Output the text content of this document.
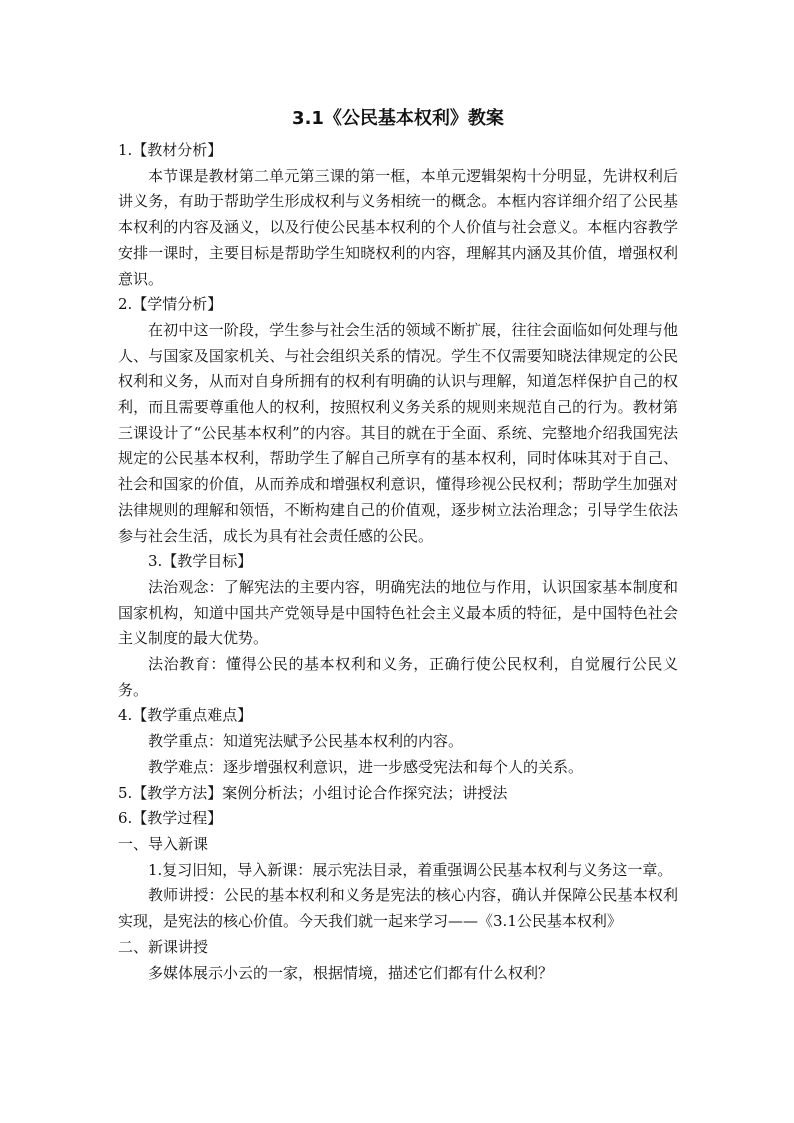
3.1《公民基本权利》教案

1.【教材分析】

本节课是教材第二单元第三课的第一框，本单元逻辑架构十分明显，先讲权利后讲义务，有助于帮助学生形成权利与义务相统一的概念。本框内容详细介绍了公民基本权利的内容及涵义，以及行使公民基本权利的个人价值与社会意义。本框内容教学安排一课时，主要目标是帮助学生知晓权利的内容，理解其内涵及其价值，增强权利意识。

2.【学情分析】

在初中这一阶段，学生参与社会生活的领域不断扩展，往往会面临如何处理与他人、与国家及国家机关、与社会组织关系的情况。学生不仅需要知晓法律规定的公民权利和义务，从而对自身所拥有的权利有明确的认识与理解，知道怎样保护自己的权利，而且需要尊重他人的权利，按照权利义务关系的规则来规范自己的行为。教材第三课设计了“公民基本权利”的内容。其目的就在于全面、系统、完整地介绍我国宪法规定的公民基本权利，帮助学生了解自己所享有的基本权利，同时体味其对于自己、社会和国家的价值，从而养成和增强权利意识，懂得珍视公民权利；帮助学生加强对法律规则的理解和领悟，不断构建自己的价值观，逐步树立法治理念；引导学生依法参与社会生活，成长为具有社会责任感的公民。

3.【教学目标】

法治观念：了解宪法的主要内容，明确宪法的地位与作用，认识国家基本制度和国家机构，知道中国共产党领导是中国特色社会主义最本质的特征，是中国特色社会主义制度的最大优势。

法治教育：懂得公民的基本权利和义务，正确行使公民权利，自觉履行公民义务。

4.【教学重点难点】

教学重点：知道宪法赋予公民基本权利的内容。

教学难点：逐步增强权利意识，进一步感受宪法和每个人的关系。

5.【教学方法】案例分析法；小组讨论合作探究法；讲授法

6.【教学过程】

一、导入新课

1.复习旧知，导入新课：展示宪法目录，着重强调公民基本权利与义务这一章。

教师讲授：公民的基本权利和义务是宪法的核心内容，确认并保障公民基本权利实现，是宪法的核心价值。今天我们就一起来学习——《3.1公民基本权利》

二、新课讲授

多媒体展示小云的一家，根据情境，描述它们都有什么权利？
